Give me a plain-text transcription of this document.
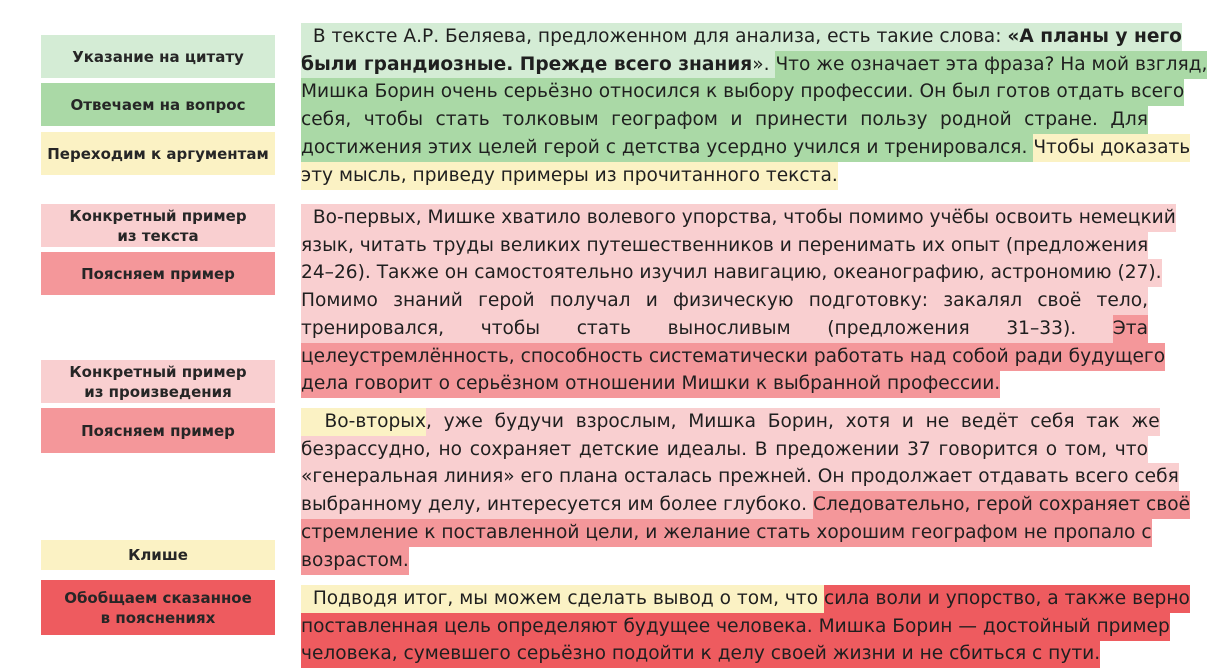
Указание на цитату
Отвечаем на вопрос
Переходим к аргументам
Конкретный пример
из текста
Поясняем пример
Конкретный пример
из произведения
Поясняем пример
Клише
Обобщаем сказанное
в пояснениях
В тексте А.Р. Беляева, предложенном для анализа, есть такие слова: «А планы у него
были грандиозные. Прежде всего знания». Что же означает эта фраза? На мой взгляд,
Мишка Борин очень серьёзно относился к выбору профессии. Он был готов отдать всего
себя, чтобы стать толковым географом и принести пользу родной стране. Для
достижения этих целей герой с детства усердно учился и тренировался. Чтобы доказать
эту мысль, приведу примеры из прочитанного текста.
Во-первых, Мишке хватило волевого упорства, чтобы помимо учёбы освоить немецкий
язык, читать труды великих путешественников и перенимать их опыт (предложения
24–26). Также он самостоятельно изучил навигацию, океанографию, астрономию (27).
Помимо знаний герой получал и физическую подготовку: закалял своё тело,
тренировался, чтобы стать выносливым (предложения 31–33). Эта
целеустремлённость, способность систематически работать над собой ради будущего
дела говорит о серьёзном отношении Мишки к выбранной профессии.
Во-вторых, уже будучи взрослым, Мишка Борин, хотя и не ведёт себя так же
безрассудно, но сохраняет детские идеалы. В предожении 37 говорится о том, что
«генеральная линия» его плана осталась прежней. Он продолжает отдавать всего себя
выбранному делу, интересуется им более глубоко. Следовательно, герой сохраняет своё
стремление к поставленной цели, и желание стать хорошим географом не пропало с
возрастом.
Подводя итог, мы можем сделать вывод о том, что сила воли и упорство, а также верно
поставленная цель определяют будущее человека. Мишка Борин — достойный пример
человека, сумевшего серьёзно подойти к делу своей жизни и не сбиться с пути.
